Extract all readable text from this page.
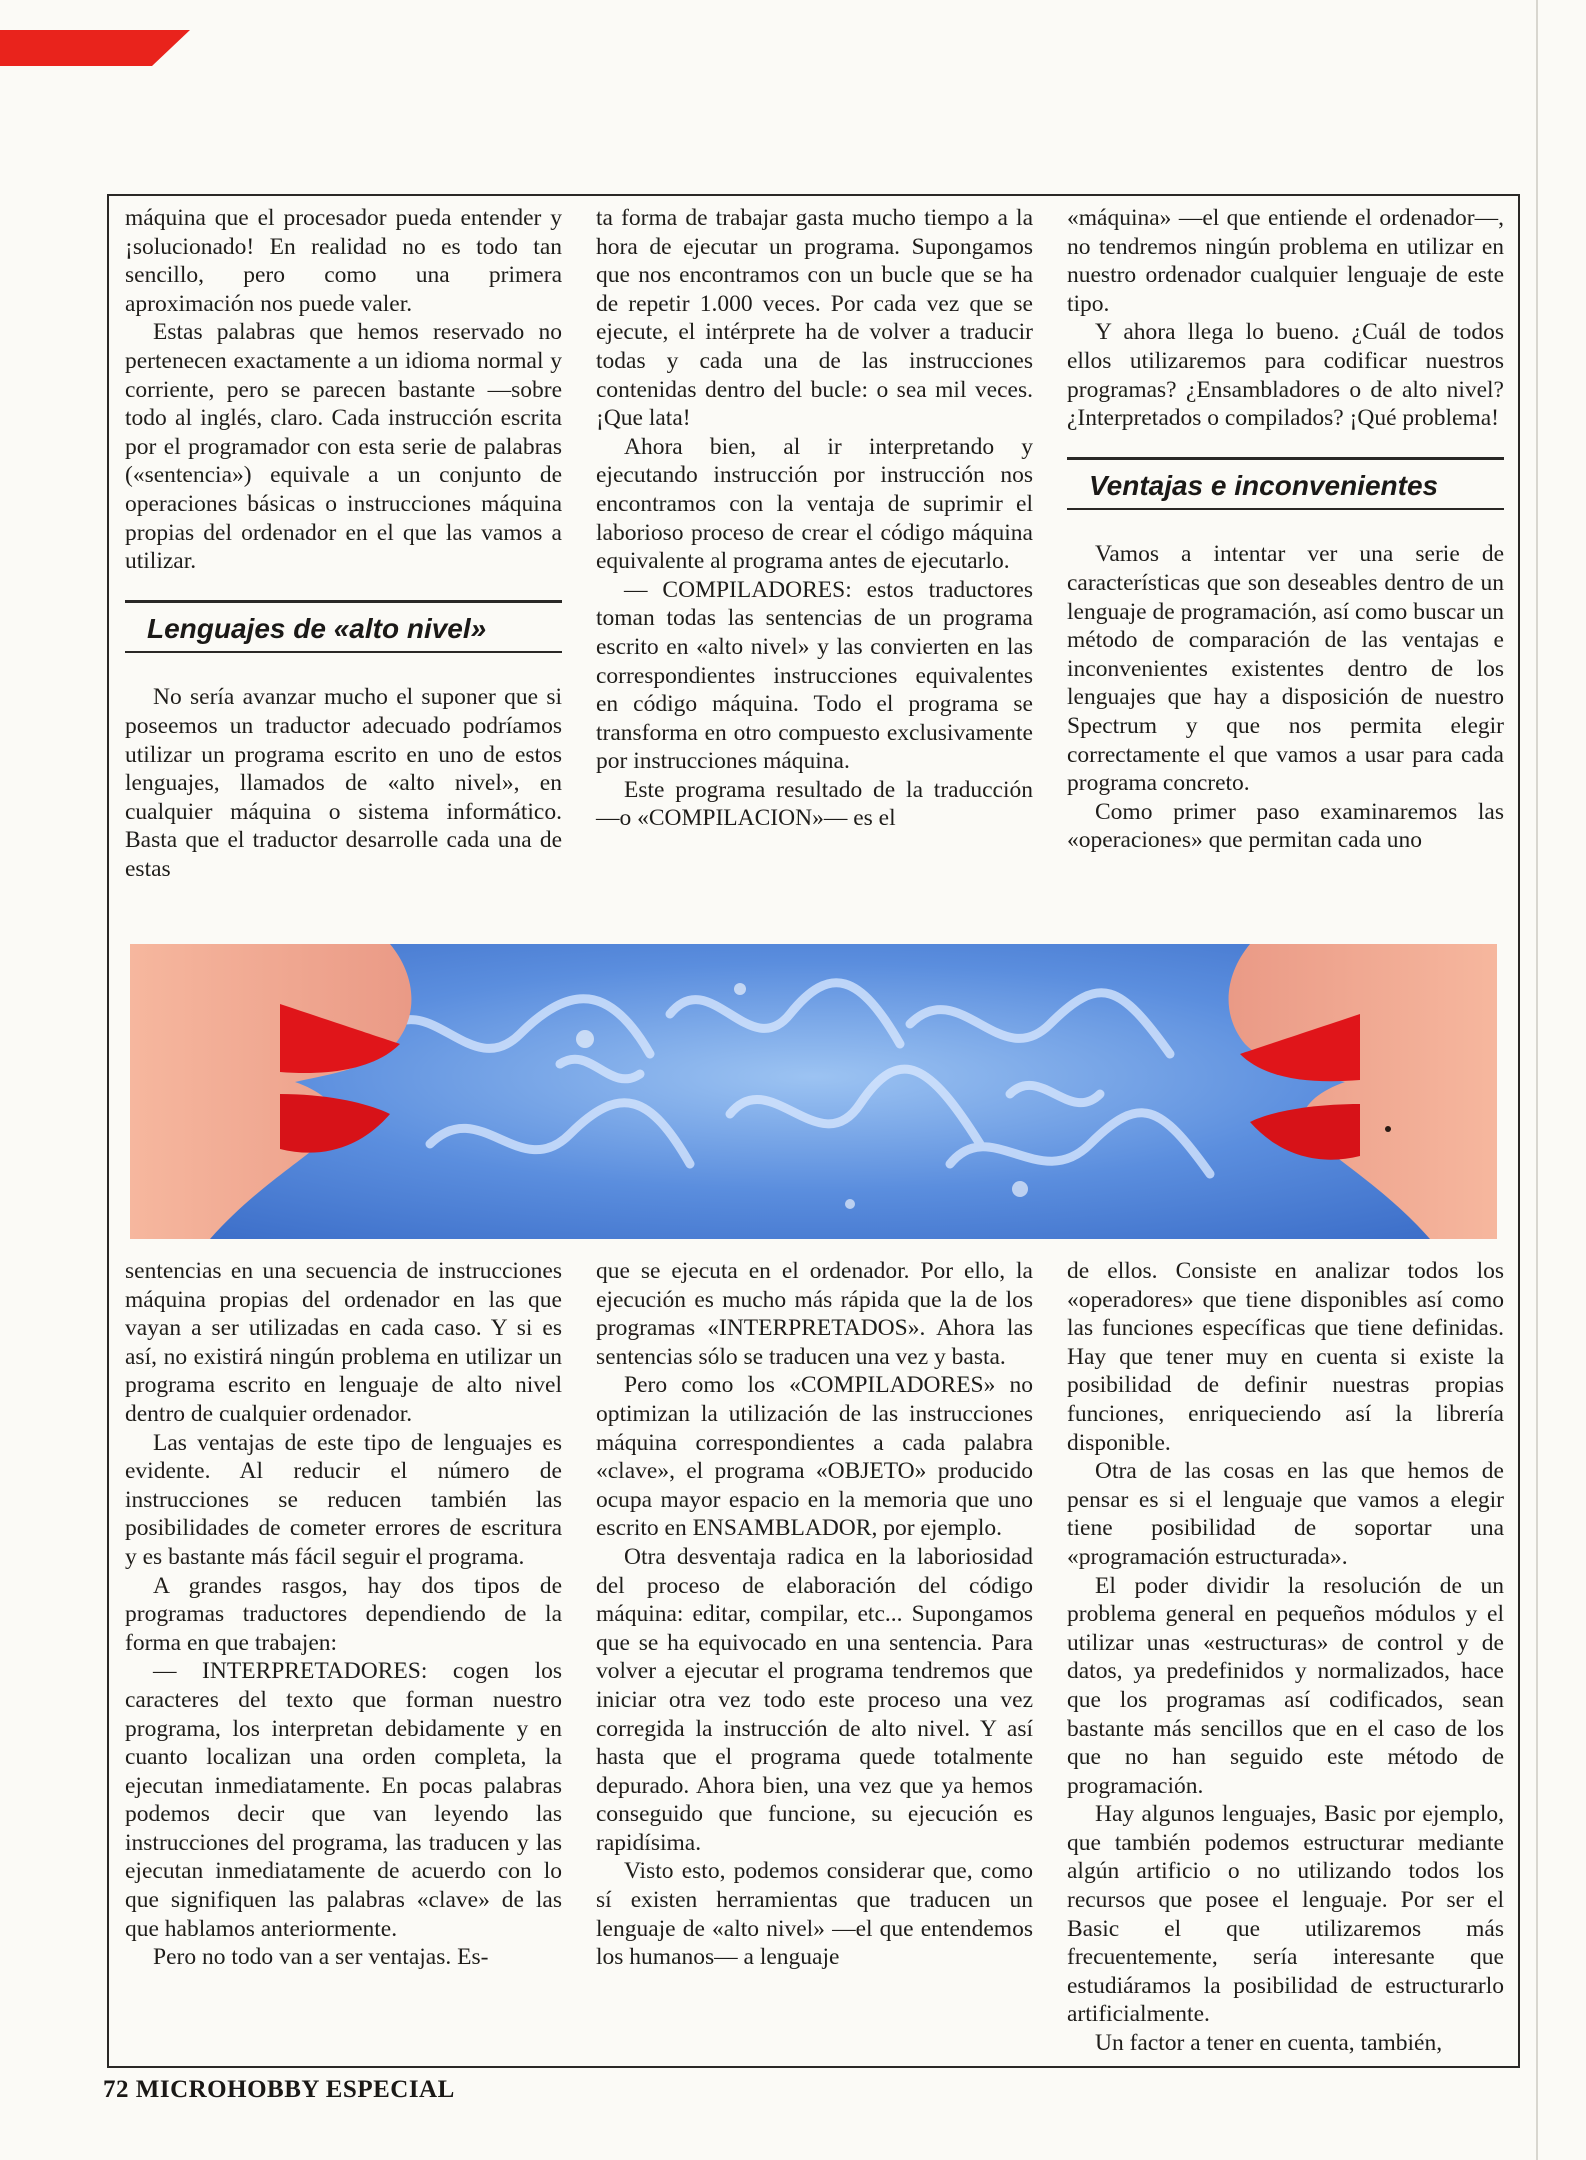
máquina que el procesador pueda entender y ¡solucionado! En realidad no es todo tan sencillo, pero como una primera aproximación nos puede valer.

Estas palabras que hemos reservado no pertenecen exactamente a un idioma normal y corriente, pero se parecen bastante —sobre todo al inglés, claro. Cada instrucción escrita por el programador con esta serie de palabras («sentencia») equivale a un conjunto de operaciones básicas o instrucciones máquina propias del ordenador en el que las vamos a utilizar.

Lenguajes de «alto nivel»

No sería avanzar mucho el suponer que si poseemos un traductor adecuado podríamos utilizar un programa escrito en uno de estos lenguajes, llamados de «alto nivel», en cualquier máquina o sistema informático. Basta que el traductor desarrolle cada una de estas

ta forma de trabajar gasta mucho tiempo a la hora de ejecutar un programa. Supongamos que nos encontramos con un bucle que se ha de repetir 1.000 veces. Por cada vez que se ejecute, el intérprete ha de volver a traducir todas y cada una de las instrucciones contenidas dentro del bucle: o sea mil veces. ¡Que lata!

Ahora bien, al ir interpretando y ejecutando instrucción por instrucción nos encontramos con la ventaja de suprimir el laborioso proceso de crear el código máquina equivalente al programa antes de ejecutarlo.

— COMPILADORES: estos traductores toman todas las sentencias de un programa escrito en «alto nivel» y las convierten en las correspondientes instrucciones equivalentes en código máquina. Todo el programa se transforma en otro compuesto exclusivamente por instrucciones máquina.

Este programa resultado de la traducción —o «COMPILACION»— es el

«máquina» —el que entiende el ordenador—, no tendremos ningún problema en utilizar en nuestro ordenador cualquier lenguaje de este tipo.

Y ahora llega lo bueno. ¿Cuál de todos ellos utilizaremos para codificar nuestros programas? ¿Ensambladores o de alto nivel? ¿Interpretados o compilados? ¡Qué problema!

Ventajas e inconvenientes

Vamos a intentar ver una serie de características que son deseables dentro de un lenguaje de programación, así como buscar un método de comparación de las ventajas e inconvenientes existentes dentro de los lenguajes que hay a disposición de nuestro Spectrum y que nos permita elegir correctamente el que vamos a usar para cada programa concreto.

Como primer paso examinaremos las «operaciones» que permitan cada uno

sentencias en una secuencia de instrucciones máquina propias del ordenador en las que vayan a ser utilizadas en cada caso. Y si es así, no existirá ningún problema en utilizar un programa escrito en lenguaje de alto nivel dentro de cualquier ordenador.

Las ventajas de este tipo de lenguajes es evidente. Al reducir el número de instrucciones se reducen también las posibilidades de cometer errores de escritura y es bastante más fácil seguir el programa.

A grandes rasgos, hay dos tipos de programas traductores dependiendo de la forma en que trabajen:

— INTERPRETADORES: cogen los caracteres del texto que forman nuestro programa, los interpretan debidamente y en cuanto localizan una orden completa, la ejecutan inmediatamente. En pocas palabras podemos decir que van leyendo las instrucciones del programa, las traducen y las ejecutan inmediatamente de acuerdo con lo que signifiquen las palabras «clave» de las que hablamos anteriormente.

Pero no todo van a ser ventajas. Es-

que se ejecuta en el ordenador. Por ello, la ejecución es mucho más rápida que la de los programas «INTERPRETADOS». Ahora las sentencias sólo se traducen una vez y basta.

Pero como los «COMPILADORES» no optimizan la utilización de las instrucciones máquina correspondientes a cada palabra «clave», el programa «OBJETO» producido ocupa mayor espacio en la memoria que uno escrito en ENSAMBLADOR, por ejemplo.

Otra desventaja radica en la laboriosidad del proceso de elaboración del código máquina: editar, compilar, etc... Supongamos que se ha equivocado en una sentencia. Para volver a ejecutar el programa tendremos que iniciar otra vez todo este proceso una vez corregida la instrucción de alto nivel. Y así hasta que el programa quede totalmente depurado. Ahora bien, una vez que ya hemos conseguido que funcione, su ejecución es rapidísima.

Visto esto, podemos considerar que, como sí existen herramientas que traducen un lenguaje de «alto nivel» —el que entendemos los humanos— a lenguaje

de ellos. Consiste en analizar todos los «operadores» que tiene disponibles así como las funciones específicas que tiene definidas. Hay que tener muy en cuenta si existe la posibilidad de definir nuestras propias funciones, enriqueciendo así la librería disponible.

Otra de las cosas en las que hemos de pensar es si el lenguaje que vamos a elegir tiene posibilidad de soportar una «programación estructurada».

El poder dividir la resolución de un problema general en pequeños módulos y el utilizar unas «estructuras» de control y de datos, ya predefinidos y normalizados, hace que los programas así codificados, sean bastante más sencillos que en el caso de los que no han seguido este método de programación.

Hay algunos lenguajes, Basic por ejemplo, que también podemos estructurar mediante algún artificio o no utilizando todos los recursos que posee el lenguaje. Por ser el Basic el que utilizaremos más frecuentemente, sería interesante que estudiáramos la posibilidad de estructurarlo artificialmente.

Un factor a tener en cuenta, también,

72 MICROHOBBY ESPECIAL
